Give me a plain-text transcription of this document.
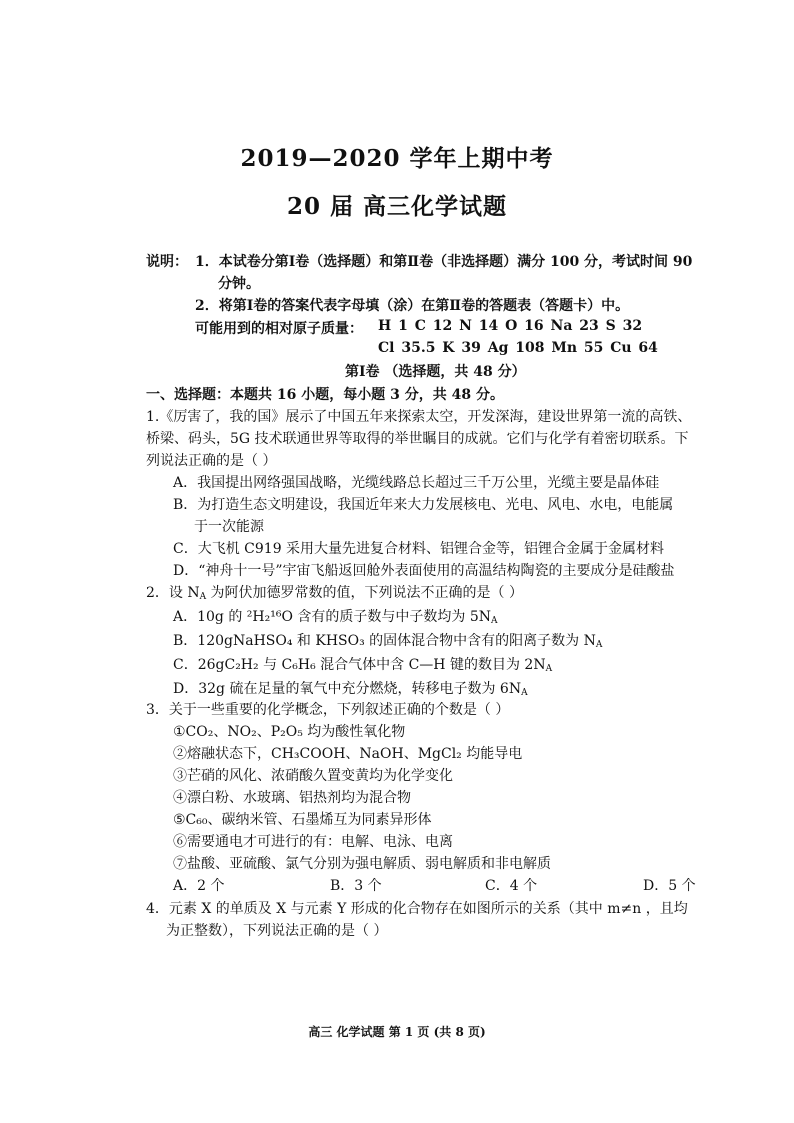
2019—2020 学年上期中考
20 届 高三化学试题
说明： 1．本试卷分第Ⅰ卷（选择题）和第Ⅱ卷（非选择题）满分 100 分，考试时间 90
分钟。
2．将第Ⅰ卷的答案代表字母填（涂）在第Ⅱ卷的答题表（答题卡）中。
可能用到的相对原子质量： H 1 C 12 N 14 O 16 Na 23 S 32
Cl 35.5 K 39 Ag 108 Mn 55 Cu 64
第Ⅰ卷 （选择题，共 48 分）
一、选择题：本题共 16 小题，每小题 3 分，共 48 分。
1.《厉害了，我的国》展示了中国五年来探索太空，开发深海，建设世界第一流的高铁、
桥梁、码头，5G 技术联通世界等取得的举世瞩目的成就。它们与化学有着密切联系。下
列说法正确的是（ ）
A．我国提出网络强国战略，光缆线路总长超过三千万公里，光缆主要是晶体硅
B．为打造生态文明建设，我国近年来大力发展核电、光电、风电、水电，电能属
于一次能源
C．大飞机 C919 采用大量先进复合材料、铝锂合金等，铝锂合金属于金属材料
D．“神舟十一号”宇宙飞船返回舱外表面使用的高温结构陶瓷的主要成分是硅酸盐
2．设 $N_A$ 为阿伏加德罗常数的值，下列说法不正确的是（ ）
A．10g 的 ²H₂¹⁶O 含有的质子数与中子数均为 $5N_A$
B．120gNaHSO₄ 和 KHSO₃ 的固体混合物中含有的阳离子数为 $N_A$
C．26gC₂H₂ 与 C₆H₆ 混合气体中含 C—H 键的数目为 $2N_A$
D．32g 硫在足量的氧气中充分燃烧，转移电子数为 $6N_A$
3．关于一些重要的化学概念，下列叙述正确的个数是（ ）
①CO₂、NO₂、P₂O₅ 均为酸性氧化物
②熔融状态下，CH₃COOH、NaOH、MgCl₂ 均能导电
③芒硝的风化、浓硝酸久置变黄均为化学变化
④漂白粉、水玻璃、铝热剂均为混合物
⑤C₆₀、碳纳米管、石墨烯互为同素异形体
⑥需要通电才可进行的有：电解、电泳、电离
⑦盐酸、亚硫酸、氯气分别为强电解质、弱电解质和非电解质
A．2 个	B．3 个	C．4 个	D．5 个
4．元素 X 的单质及 X 与元素 Y 形成的化合物存在如图所示的关系（其中 m≠n ，且均
为正整数），下列说法正确的是（ ）
高三 化学试题 第 1 页 (共 8 页)
